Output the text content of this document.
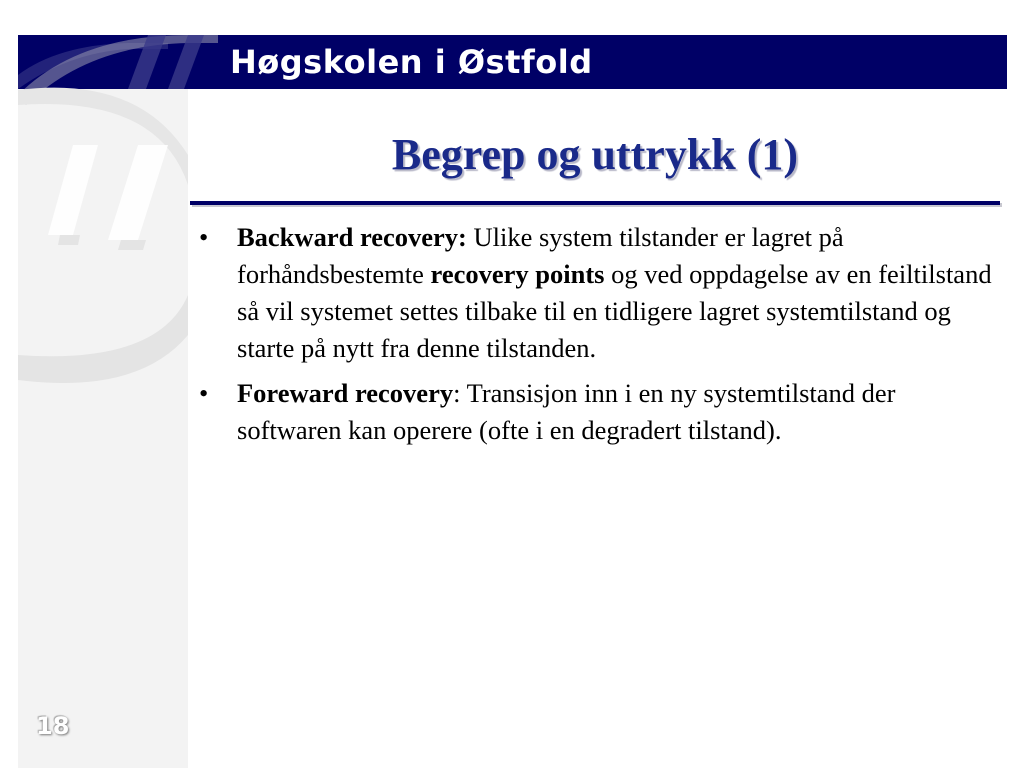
Høgskolen i Østfold
Begrep og uttrykk (1)
• Backward recovery: Ulike system tilstander er lagret på forhåndsbestemte recovery points og ved oppdagelse av en feiltilstand så vil systemet settes tilbake til en tidligere lagret systemtilstand og starte på nytt fra denne tilstanden.
• Foreward recovery: Transisjon inn i en ny systemtilstand der softwaren kan operere (ofte i en degradert tilstand).
18
